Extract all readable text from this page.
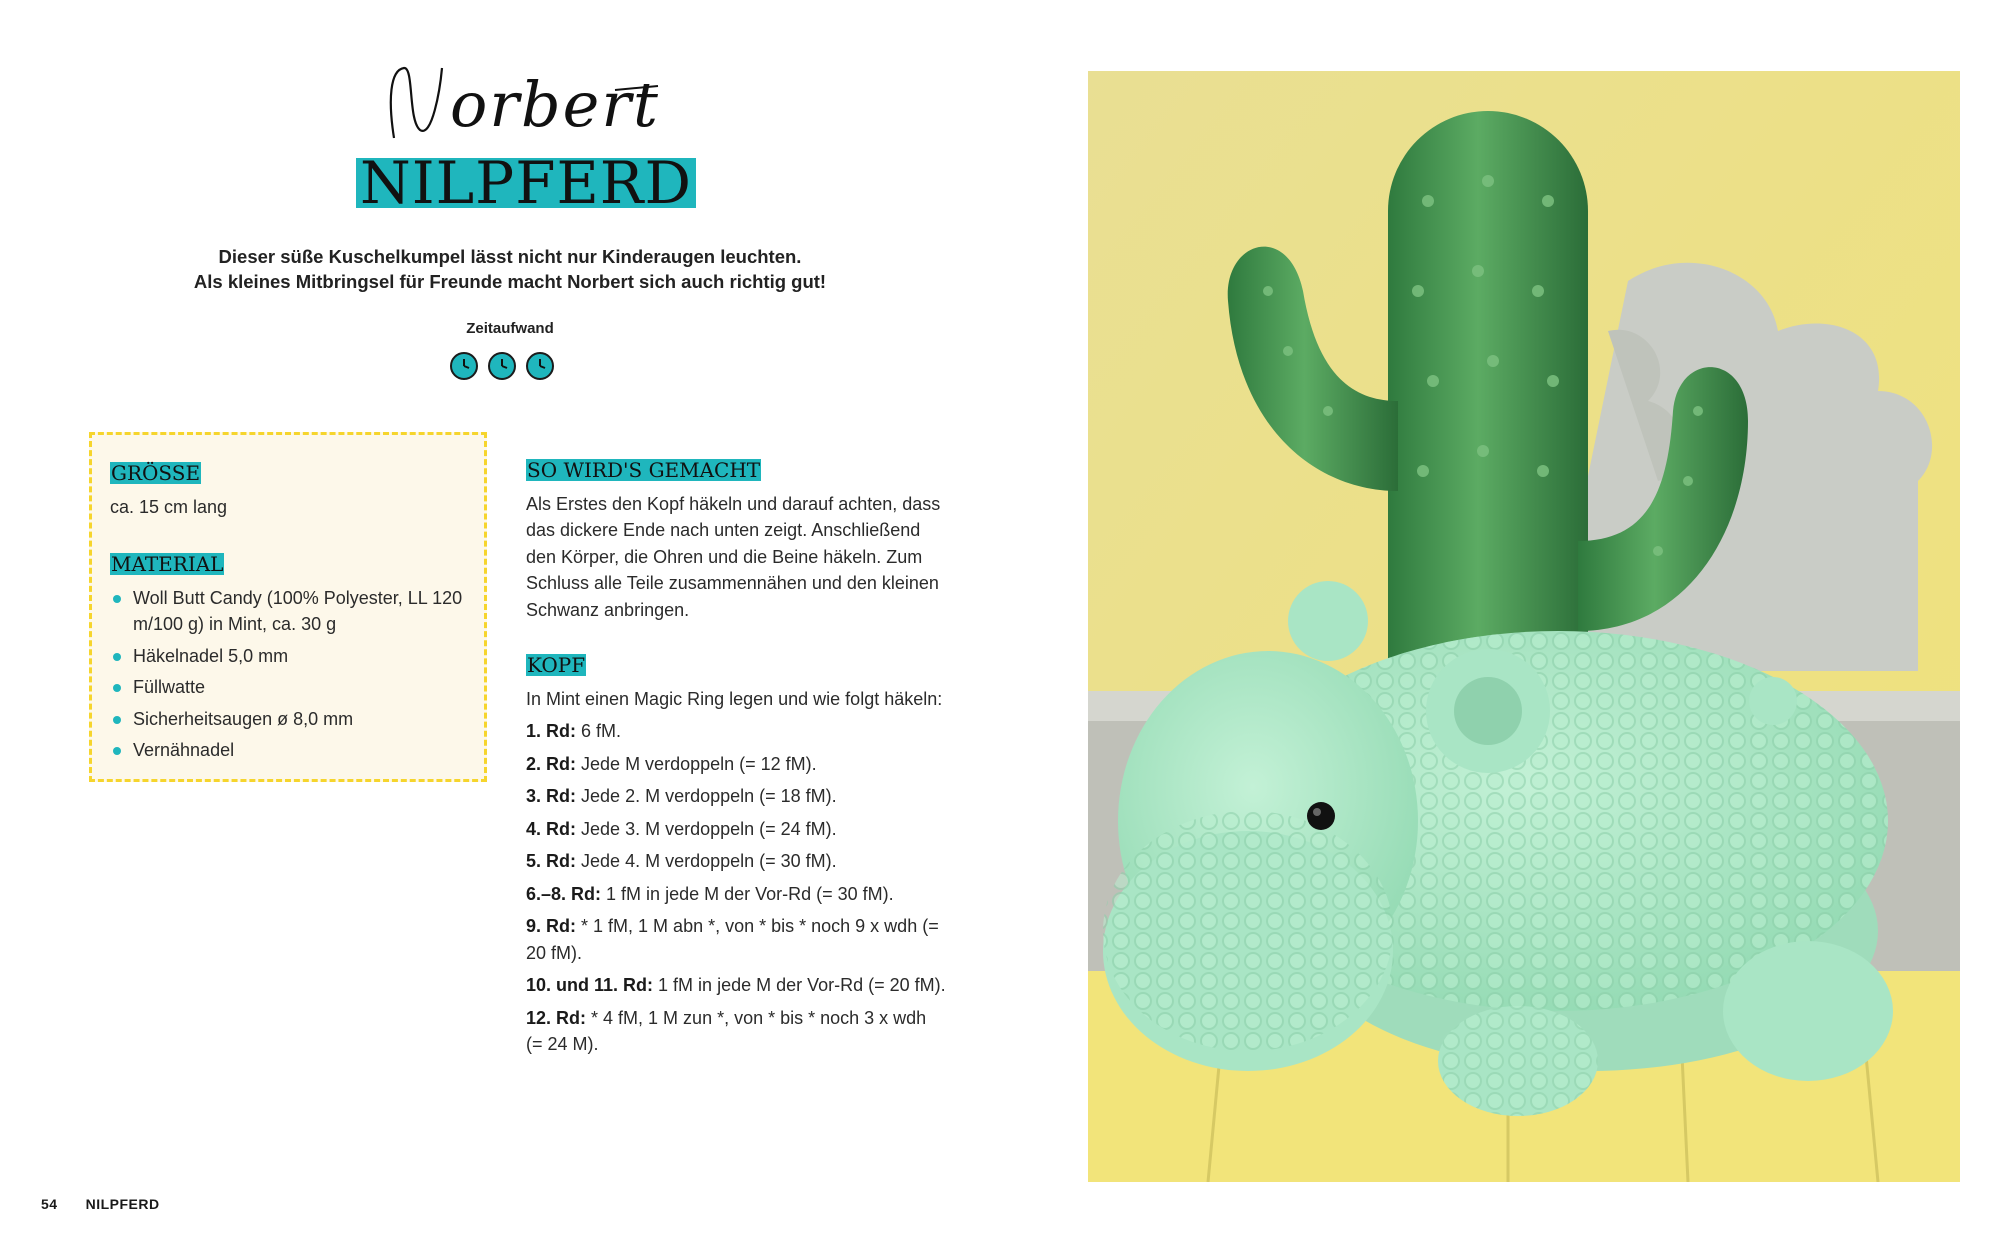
orbert
NILPFERD
Dieser süße Kuschelkumpel lässt nicht nur Kinderaugen leuchten.
Als kleines Mitbringsel für Freunde macht Norbert sich auch richtig gut!
Zeitaufwand
GRÖSSE
ca. 15 cm lang
MATERIAL
Woll Butt Candy (100% Polyester, LL 120 m/100 g) in Mint, ca. 30 g
Häkelnadel 5,0 mm
Füllwatte
Sicherheitsaugen ø 8,0 mm
Vernähnadel
SO WIRD'S GEMACHT
Als Erstes den Kopf häkeln und darauf achten, dass das dickere Ende nach unten zeigt. Anschließend den Körper, die Ohren und die Beine häkeln. Zum Schluss alle Teile zusammennähen und den kleinen Schwanz anbringen.
KOPF
In Mint einen Magic Ring legen und wie folgt häkeln:
1. Rd: 6 fM.
2. Rd: Jede M verdoppeln (= 12 fM).
3. Rd: Jede 2. M verdoppeln (= 18 fM).
4. Rd: Jede 3. M verdoppeln (= 24 fM).
5. Rd: Jede 4. M verdoppeln (= 30 fM).
6.–8. Rd: 1 fM in jede M der Vor-Rd (= 30 fM).
9. Rd: * 1 fM, 1 M abn *, von * bis * noch 9 x wdh (= 20 fM).
10. und 11. Rd: 1 fM in jede M der Vor-Rd (= 20 fM).
12. Rd: * 4 fM, 1 M zun *, von * bis * noch 3 x wdh (= 24 M).
54 NILPFERD
